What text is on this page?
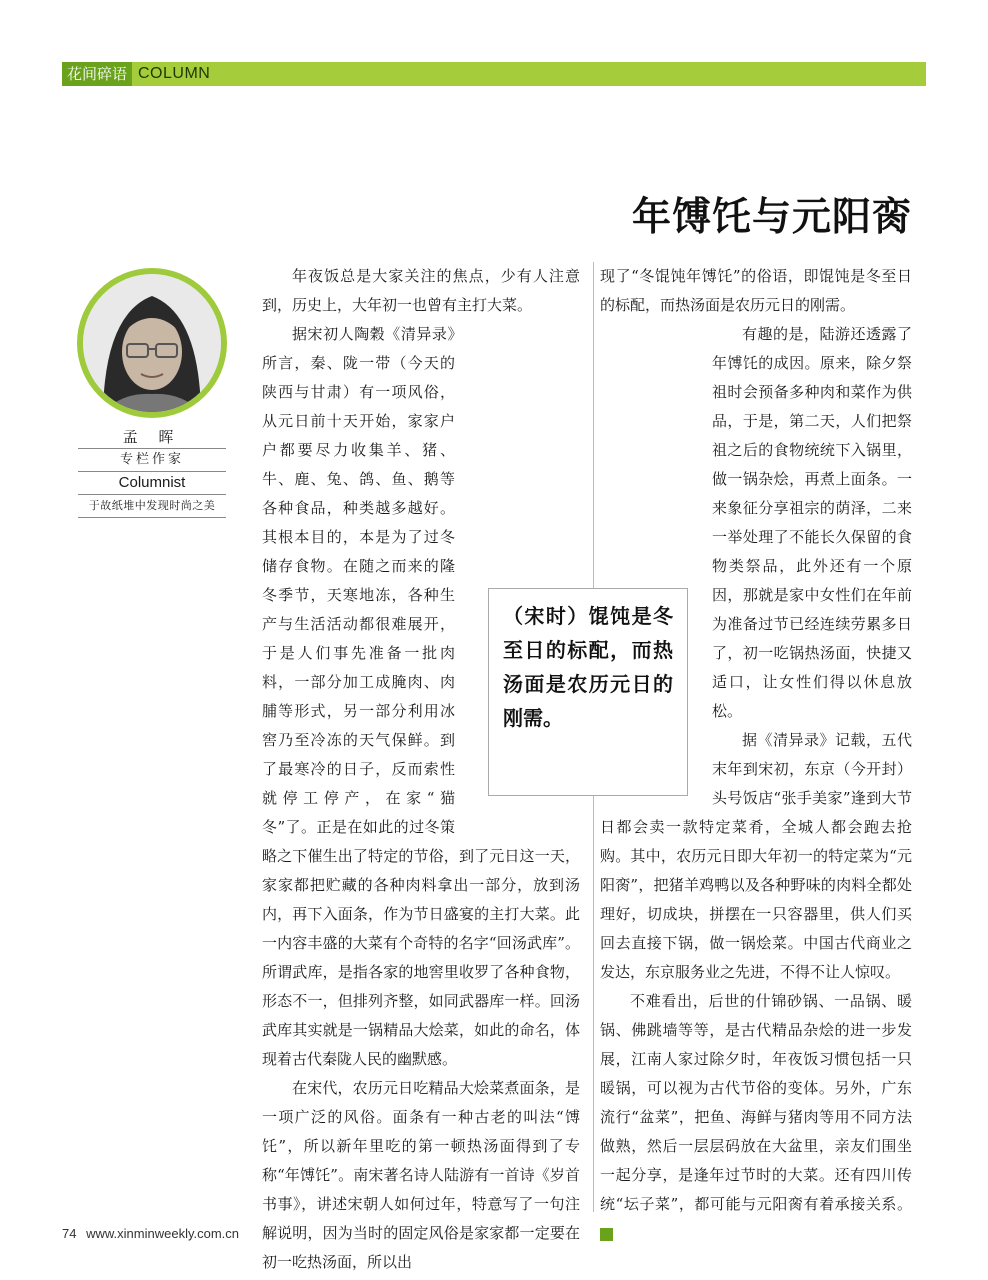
花间碎语 COLUMN
年馎饦与元阳脔
孟 晖
专栏作家
Columnist
于故纸堆中发现时尚之美

年夜饭总是大家关注的焦点，少有人注意到，历史上，大年初一也曾有主打大菜。

据宋初人陶穀《清异录》所言，秦、陇一带（今天的陕西与甘肃）有一项风俗，从元日前十天开始，家家户户都要尽力收集羊、猪、牛、鹿、兔、鸽、鱼、鹅等各种食品，种类越多越好。其根本目的，本是为了过冬储存食物。在随之而来的隆冬季节，天寒地冻，各种生产与生活活动都很难展开，于是人们事先准备一批肉料，一部分加工成腌肉、肉脯等形式，另一部分利用冰窖乃至冷冻的天气保鲜。到了最寒冷的日子，反而索性就停工停产，在家“猫冬”了。正是在如此的过冬策略之下催生出了特定的节俗，到了元日这一天，家家都把贮藏的各种肉料拿出一部分，放到汤内，再下入面条，作为节日盛宴的主打大菜。此一内容丰盛的大菜有个奇特的名字“回汤武库”。所谓武库，是指各家的地窖里收罗了各种食物，形态不一，但排列齐整，如同武器库一样。回汤武库其实就是一锅精品大烩菜，如此的命名，体现着古代秦陇人民的幽默感。

在宋代，农历元日吃精品大烩菜煮面条，是一项广泛的风俗。面条有一种古老的叫法“馎饦”，所以新年里吃的第一顿热汤面得到了专称“年馎饦”。南宋著名诗人陆游有一首诗《岁首书事》，讲述宋朝人如何过年，特意写了一句注解说明，因为当时的固定风俗是家家都一定要在初一吃热汤面，所以出

现了“冬馄饨年馎饦”的俗语，即馄饨是冬至日的标配，而热汤面是农历元日的刚需。

有趣的是，陆游还透露了年馎饦的成因。原来，除夕祭祖时会预备多种肉和菜作为供品，于是，第二天，人们把祭祖之后的食物统统下入锅里，做一锅杂烩，再煮上面条。一来象征分享祖宗的荫泽，二来一举处理了不能长久保留的食物类祭品，此外还有一个原因，那就是家中女性们在年前为准备过节已经连续劳累多日了，初一吃锅热汤面，快捷又适口，让女性们得以休息放松。

据《清异录》记载，五代末年到宋初，东京（今开封）头号饭店“张手美家”逢到大节日都会卖一款特定菜肴，全城人都会跑去抢购。其中，农历元日即大年初一的特定菜为“元阳脔”，把猪羊鸡鸭以及各种野味的肉料全都处理好，切成块，拼摆在一只容器里，供人们买回去直接下锅，做一锅烩菜。中国古代商业之发达，东京服务业之先进，不得不让人惊叹。

不难看出，后世的什锦砂锅、一品锅、暖锅、佛跳墙等等，是古代精品杂烩的进一步发展，江南人家过除夕时，年夜饭习惯包括一只暖锅，可以视为古代节俗的变体。另外，广东流行“盆菜”，把鱼、海鲜与猪肉等用不同方法做熟，然后一层层码放在大盆里，亲友们围坐一起分享，是逢年过节时的大菜。还有四川传统“坛子菜”，都可能与元阳脔有着承接关系。民

（宋时）馄饨是冬至日的标配，而热汤面是农历元日的刚需。
74 www.xinminweekly.com.cn
